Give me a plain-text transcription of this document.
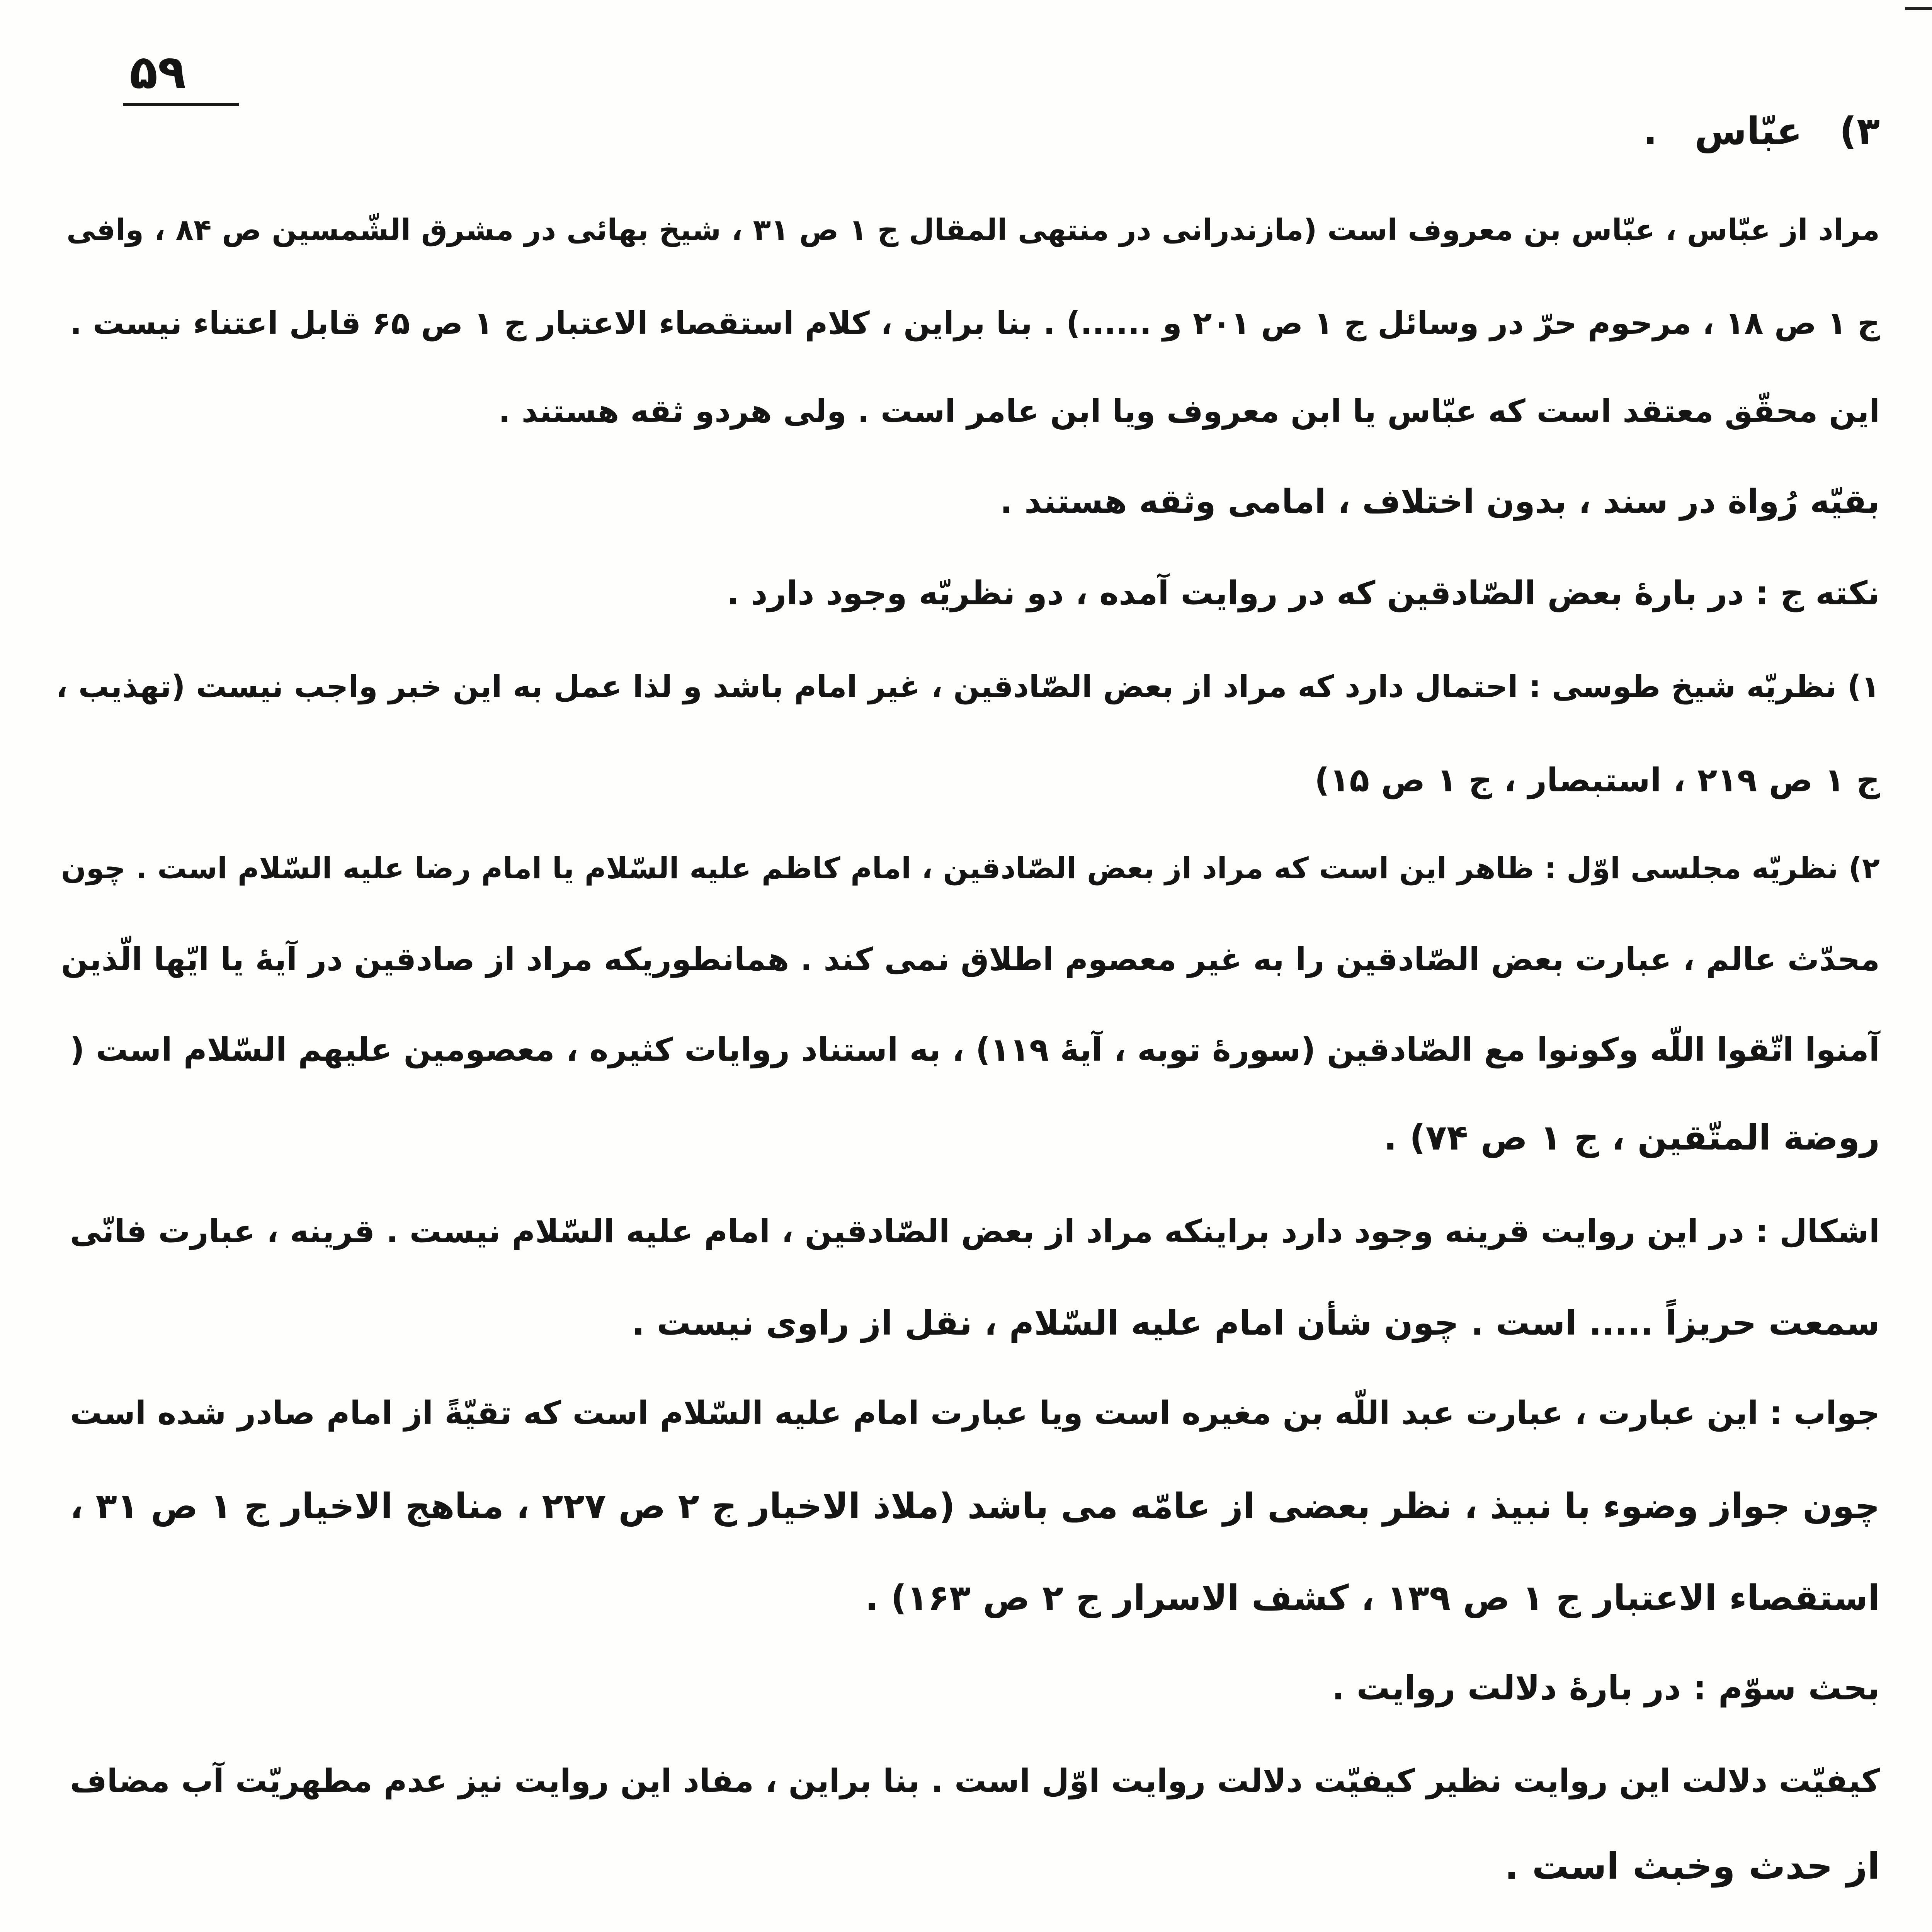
۵۹
۳) عبّاس .
مراد از عبّاس ، عبّاس بن معروف است (مازندرانی در منتهی المقال ج ۱ ص ۳۱ ، شیخ بهائی در مشرق الشّمسین ص ۸۴ ، وافی
ج ۱ ص ۱۸ ، مرحوم حرّ در وسائل ج ۱ ص ۲۰۱ و ......) . بنا براین ، کلام استقصاء الاعتبار ج ۱ ص ۶۵ قابل اعتناء نیست .
این محقّق معتقد است که عبّاس یا ابن معروف ویا ابن عامر است . ولی هردو ثقه هستند .
بقیّه رُواة در سند ، بدون اختلاف ، امامی وثقه هستند .
نکته ج : در بارهٔ بعض الصّادقین که در روایت آمده ، دو نظریّه وجود دارد .
۱) نظریّه شیخ طوسی : احتمال دارد که مراد از بعض الصّادقین ، غیر امام باشد و لذا عمل به این خبر واجب نیست (تهذیب ،
ج ۱ ص ۲۱۹ ، استبصار ، ج ۱ ص ۱۵)
۲) نظریّه مجلسی اوّل : ظاهر این است که مراد از بعض الصّادقین ، امام کاظم علیه السّلام یا امام رضا علیه السّلام است . چون
محدّث عالم ، عبارت بعض الصّادقین را به غیر معصوم اطلاق نمی کند . همانطوریکه مراد از صادقین در آیهٔ یا ایّها الّذین
آمنوا اتّقوا اللّه وکونوا مع الصّادقین (سورهٔ توبه ، آیهٔ ۱۱۹) ، به استناد روایات کثیره ، معصومین علیهم السّلام است (
روضة المتّقین ، ج ۱ ص ۷۴) .
اشکال : در این روایت قرینه وجود دارد براینکه مراد از بعض الصّادقین ، امام علیه السّلام نیست . قرینه ، عبارت فانّی
سمعت حریزاً ..... است . چون شأن امام علیه السّلام ، نقل از راوی نیست .
جواب : این عبارت ، عبارت عبد اللّه بن مغیره است ویا عبارت امام علیه السّلام است که تقیّةً از امام صادر شده است
چون جواز وضوء با نبیذ ، نظر بعضی از عامّه می باشد (ملاذ الاخیار ج ۲ ص ۲۲۷ ، مناهج الاخیار ج ۱ ص ۳۱ ،
استقصاء الاعتبار ج ۱ ص ۱۳۹ ، کشف الاسرار ج ۲ ص ۱۶۳) .
بحث سوّم : در بارهٔ دلالت روایت .
کیفیّت دلالت این روایت نظیر کیفیّت دلالت روایت اوّل است . بنا براین ، مفاد این روایت نیز عدم مطهریّت آب مضاف
از حدث وخبث است .
